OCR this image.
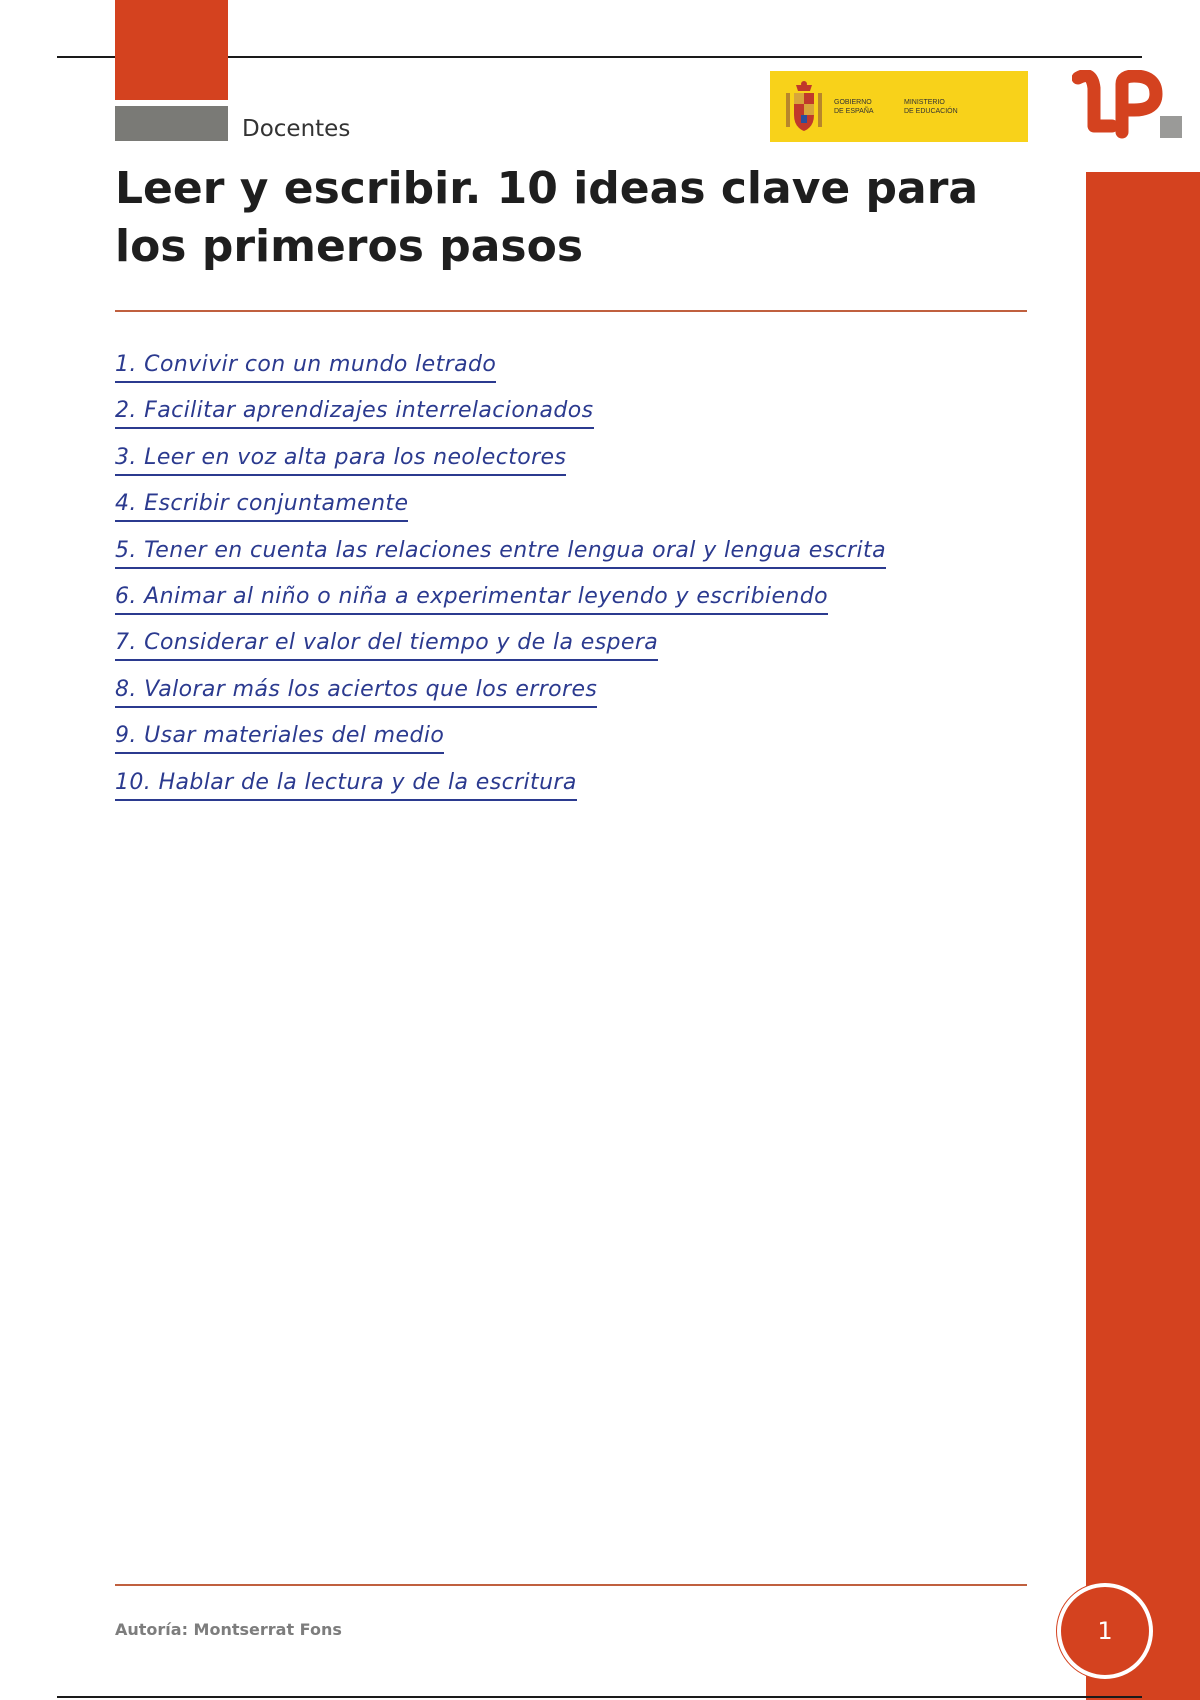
Docentes
GOBIERNO
DE ESPAÑA
MINISTERIO
DE EDUCACIÓN
Leer y escribir. 10 ideas clave para los primeros pasos
1. Convivir con un mundo letrado
2. Facilitar aprendizajes interrelacionados
3. Leer en voz alta para los neolectores
4. Escribir conjuntamente
5. Tener en cuenta las relaciones entre lengua oral y lengua escrita
6. Animar al niño o niña a experimentar leyendo y escribiendo
7. Considerar el valor del tiempo y de la espera
8. Valorar más los aciertos que los errores
9. Usar materiales del medio
10. Hablar de la lectura y de la escritura
Autoría: Montserrat Fons	1
